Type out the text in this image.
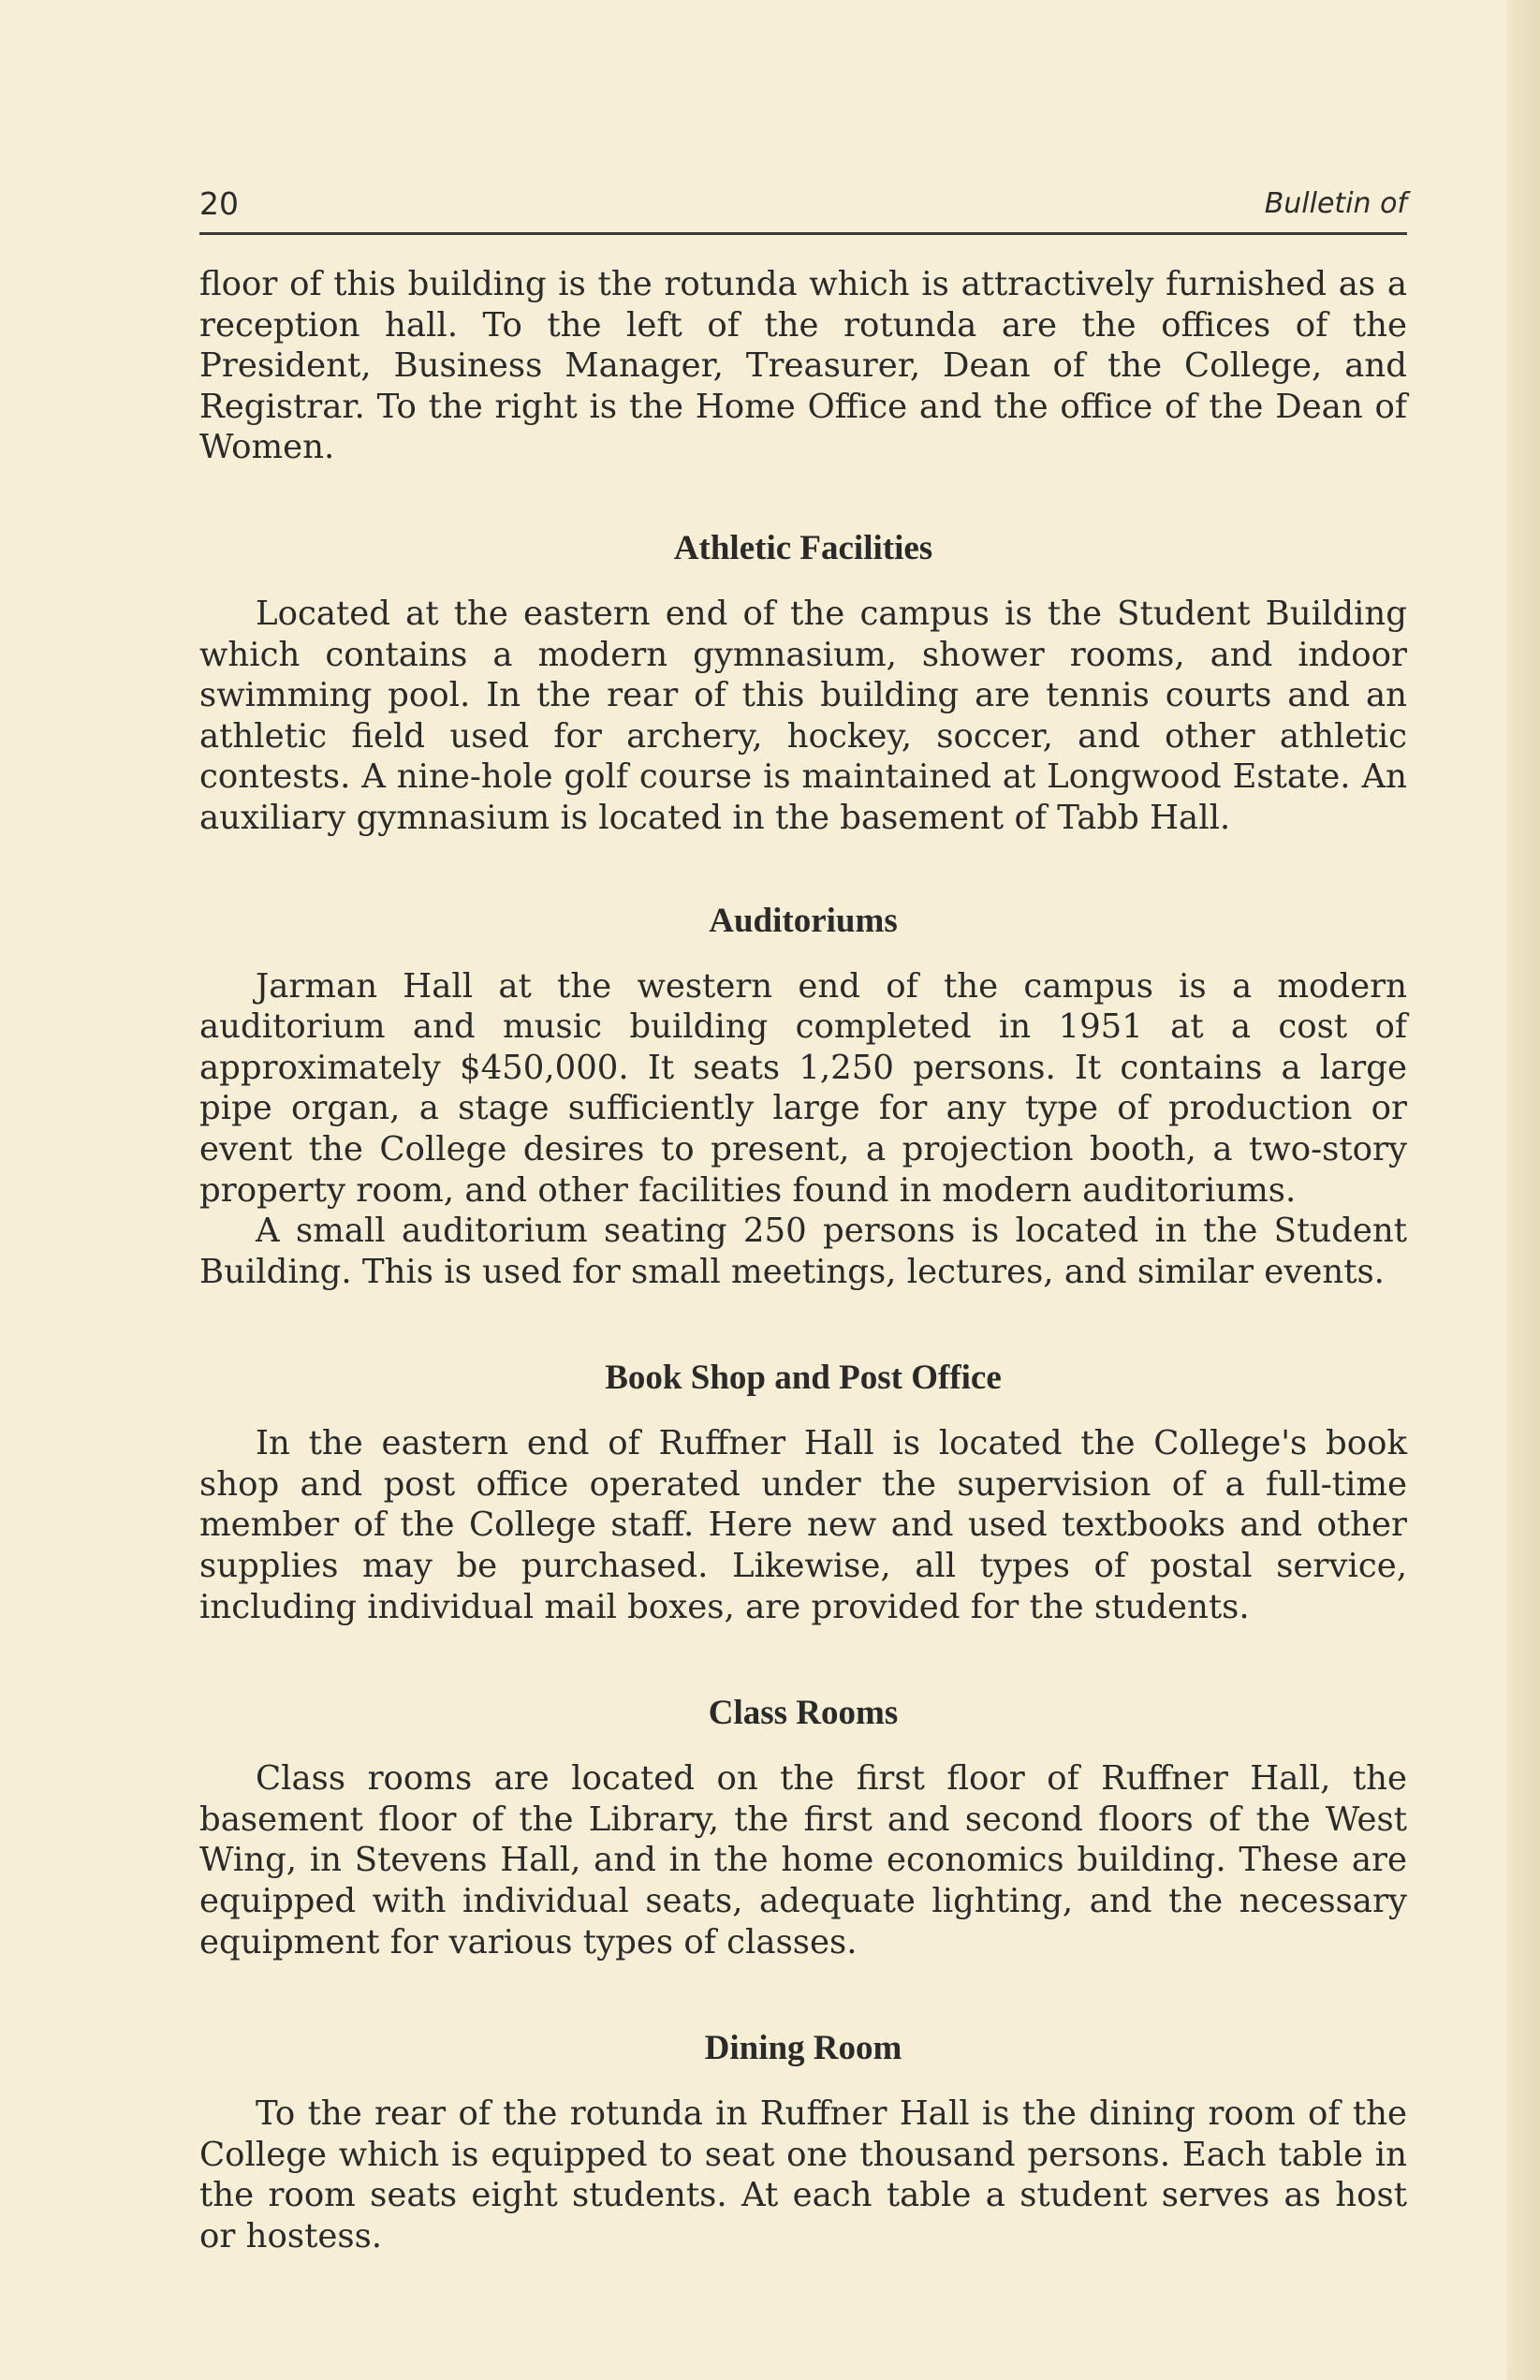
20	Bulletin of

floor of this building is the rotunda which is attractively furnished as a reception hall. To the left of the rotunda are the offices of the President, Business Manager, Treasurer, Dean of the College, and Registrar. To the right is the Home Office and the office of the Dean of Women.

Athletic Facilities

Located at the eastern end of the campus is the Student Building which contains a modern gymnasium, shower rooms, and indoor swimming pool. In the rear of this building are tennis courts and an athletic field used for archery, hockey, soccer, and other athletic contests. A nine-hole golf course is maintained at Longwood Estate. An auxiliary gymnasium is located in the basement of Tabb Hall.

Auditoriums

Jarman Hall at the western end of the campus is a modern auditorium and music building completed in 1951 at a cost of approximately $450,000. It seats 1,250 persons. It contains a large pipe organ, a stage sufficiently large for any type of production or event the College desires to present, a projection booth, a two-story property room, and other facilities found in modern auditoriums.

A small auditorium seating 250 persons is located in the Student Building. This is used for small meetings, lectures, and similar events.

Book Shop and Post Office

In the eastern end of Ruffner Hall is located the College's book shop and post office operated under the supervision of a full-time member of the College staff. Here new and used textbooks and other supplies may be purchased. Likewise, all types of postal service, including individual mail boxes, are provided for the students.

Class Rooms

Class rooms are located on the first floor of Ruffner Hall, the basement floor of the Library, the first and second floors of the West Wing, in Stevens Hall, and in the home economics building. These are equipped with individual seats, adequate lighting, and the necessary equipment for various types of classes.

Dining Room

To the rear of the rotunda in Ruffner Hall is the dining room of the College which is equipped to seat one thousand persons. Each table in the room seats eight students. At each table a student serves as host or hostess.
